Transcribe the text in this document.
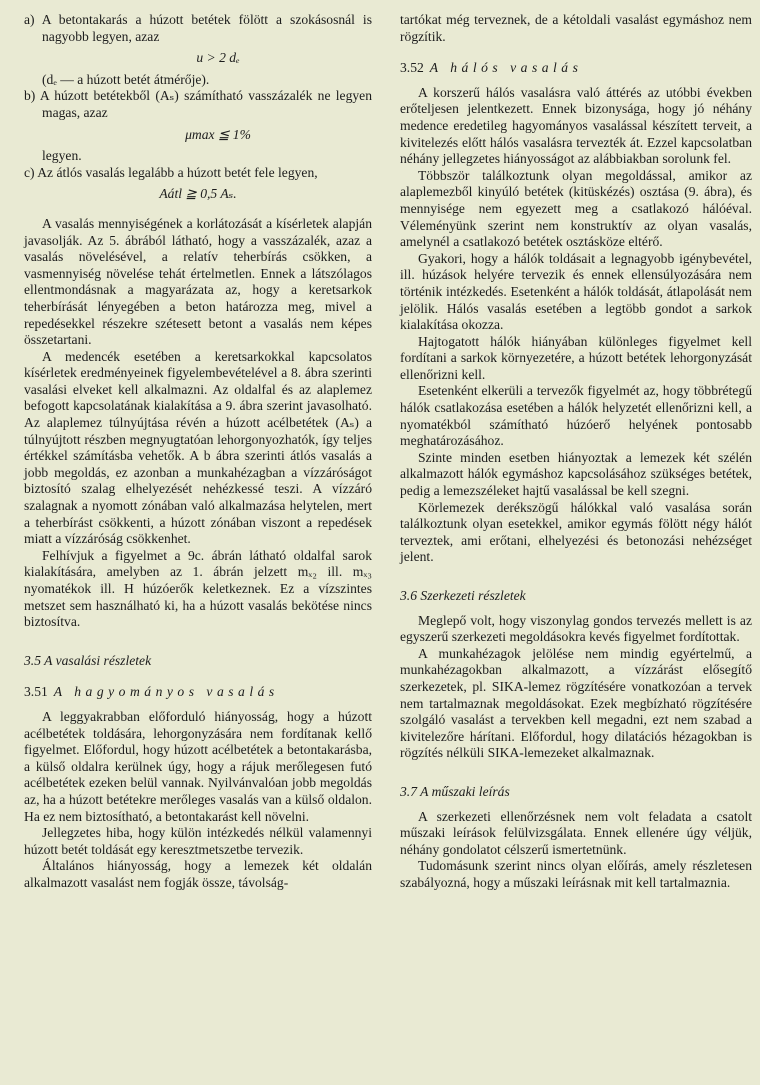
a) A betontakarás a húzott betétek fölött a szokásosnál is nagyobb legyen, azaz

u > 2 dₑ

(dₑ — a húzott betét átmérője).

b) A húzott betétekből (Aₛ) számítható vasszázalék ne legyen magas, azaz

μmax ≦ 1%

legyen.

c) Az átlós vasalás legalább a húzott betét fele legyen,

Aátl ≧ 0,5 Aₛ.

A vasalás mennyiségének a korlátozását a kísérletek alapján javasolják. Az 5. ábrából látható, hogy a vasszázalék, azaz a vasalás növelésével, a relatív teherbírás csökken, a vasmennyiség növelése tehát értelmetlen. Ennek a látszólagos ellentmondásnak a magyarázata az, hogy a keretsarkok teherbírását lényegében a beton határozza meg, mivel a repedésekkel részekre szétesett betont a vasalás nem képes összetartani.

A medencék esetében a keretsarkokkal kapcsolatos kísérletek eredményeinek figyelembevételével a 8. ábra szerinti vasalási elveket kell alkalmazni. Az oldalfal és az alaplemez befogott kapcsolatának kialakítása a 9. ábra szerint javasolható. Az alaplemez túlnyújtása révén a húzott acélbetétek (Aₛ) a túlnyújtott részben megnyugtatóan lehorgonyozhatók, így teljes értékkel számításba vehetők. A b ábra szerinti átlós vasalás a jobb megoldás, ez azonban a munkahézagban a vízzáróságot biztosító szalag elhelyezését nehézkessé teszi. A vízzáró szalagnak a nyomott zónában való alkalmazása helytelen, mert a teherbírást csökkenti, a húzott zónában viszont a repedések miatt a vízzáróság csökkenhet.

Felhívjuk a figyelmet a 9c. ábrán látható oldalfal sarok kialakítására, amelyben az 1. ábrán jelzett mₓ₂ ill. mₓ₃ nyomatékok ill. H húzóerők keletkeznek. Ez a vízszintes metszet sem használható ki, ha a húzott vasalás bekötése nincs biztosítva.

3.5 A vasalási részletek

3.51 A hagyományos vasalás

A leggyakrabban előforduló hiányosság, hogy a húzott acélbetétek toldására, lehorgonyzására nem fordítanak kellő figyelmet. Előfordul, hogy húzott acélbetétek a betontakarásba, a külső oldalra kerülnek úgy, hogy a rájuk merőlegesen futó acélbetétek ezeken belül vannak. Nyilvánvalóan jobb megoldás az, ha a húzott betétekre merőleges vasalás van a külső oldalon. Ha ez nem biztosítható, a betontakarást kell növelni.

Jellegzetes hiba, hogy külön intézkedés nélkül valamennyi húzott betét toldását egy keresztmetszetbe tervezik.

Általános hiányosság, hogy a lemezek két oldalán alkalmazott vasalást nem fogják össze, távolság-

tartókat még terveznek, de a kétoldali vasalást egymáshoz nem rögzítik.

3.52 A hálós vasalás

A korszerű hálós vasalásra való áttérés az utóbbi években erőteljesen jelentkezett. Ennek bizonysága, hogy jó néhány medence eredetileg hagyományos vasalással készített terveit, a kivitelezés előtt hálós vasalásra tervezték át. Ezzel kapcsolatban néhány jellegzetes hiányosságot az alábbiakban sorolunk fel.

Többször találkoztunk olyan megoldással, amikor az alaplemezből kinyúló betétek (kitüskézés) osztása (9. ábra), és mennyisége nem egyezett meg a csatlakozó hálóéval. Véleményünk szerint nem konstruktív az olyan vasalás, amelynél a csatlakozó betétek osztásköze eltérő.

Gyakori, hogy a hálók toldásait a legnagyobb igénybevétel, ill. húzások helyére tervezik és ennek ellensúlyozására nem történik intézkedés. Esetenként a hálók toldását, átlapolását nem jelölik. Hálós vasalás esetében a legtöbb gondot a sarkok kialakítása okozza.

Hajtogatott hálók hiányában különleges figyelmet kell fordítani a sarkok környezetére, a húzott betétek lehorgonyzását ellenőrizni kell.

Esetenként elkerüli a tervezők figyelmét az, hogy többrétegű hálók csatlakozása esetében a hálók helyzetét ellenőrizni kell, a nyomatékból számítható húzóerő helyének pontosabb meghatározásához.

Szinte minden esetben hiányoztak a lemezek két szélén alkalmazott hálók egymáshoz kapcsolásához szükséges betétek, pedig a lemezszéleket hajtű vasalással be kell szegni.

Körlemezek derékszögű hálókkal való vasalása során találkoztunk olyan esetekkel, amikor egymás fölött négy hálót terveztek, ami erőtani, elhelyezési és betonozási nehézséget jelent.

3.6 Szerkezeti részletek

Meglepő volt, hogy viszonylag gondos tervezés mellett is az egyszerű szerkezeti megoldásokra kevés figyelmet fordítottak.

A munkahézagok jelölése nem mindig egyértelmű, a munkahézagokban alkalmazott, a vízzárást elősegítő szerkezetek, pl. SIKA-lemez rögzítésére vonatkozóan a tervek nem tartalmaznak megoldásokat. Ezek megbízható rögzítésére szolgáló vasalást a tervekben kell megadni, ezt nem szabad a kivitelezőre hárítani. Előfordul, hogy dilatációs hézagokban is rögzítés nélküli SIKA-lemezeket alkalmaznak.

3.7 A műszaki leírás

A szerkezeti ellenőrzésnek nem volt feladata a csatolt műszaki leírások felülvizsgálata. Ennek ellenére úgy véljük, néhány gondolatot célszerű ismertetnünk.

Tudomásunk szerint nincs olyan előírás, amely részletesen szabályozná, hogy a műszaki leírásnak mit kell tartalmaznia.
